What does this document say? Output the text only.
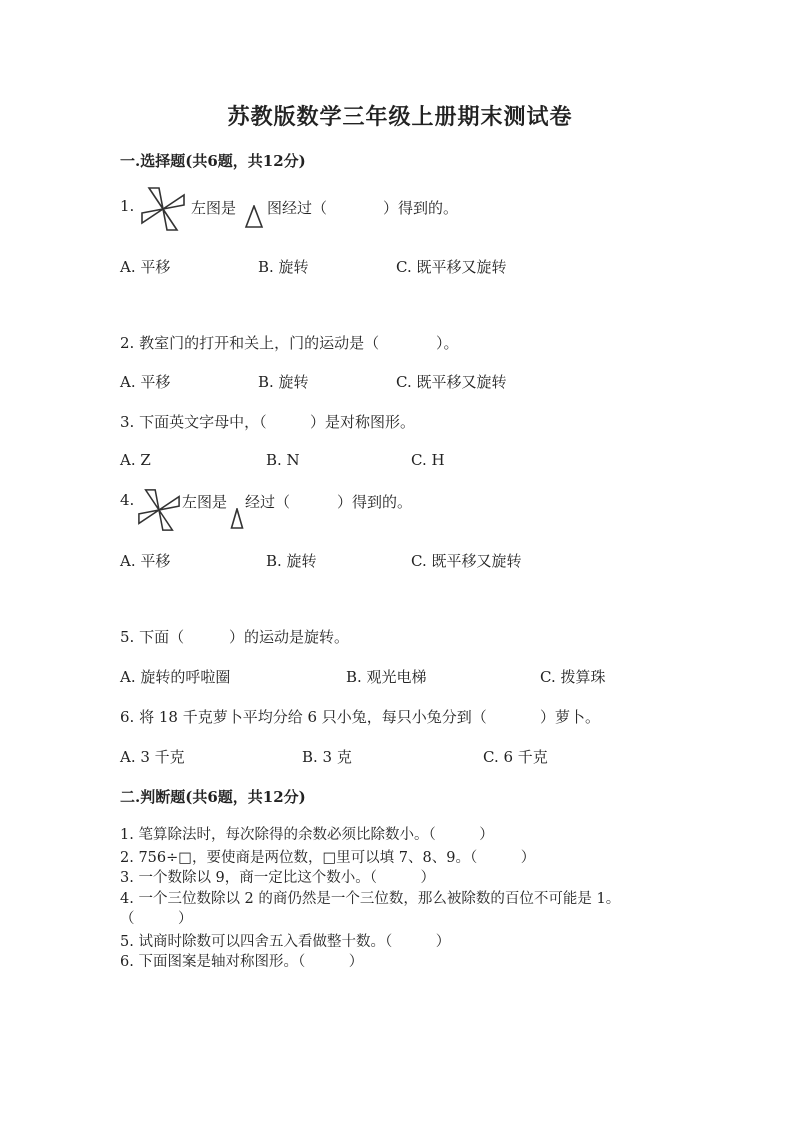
苏教版数学三年级上册期末测试卷
一.选择题(共6题，共12分)
1.	左图是 图经过（	）得到的。
A. 平移	B. 旋转	C. 既平移又旋转
2. 教室门的打开和关上，门的运动是（	）。
A. 平移	B. 旋转	C. 既平移又旋转
3. 下面英文字母中，（	）是对称图形。
A. Z	B. N	C. H
4.	左图是 经过（	）得到的。
A. 平移	B. 旋转	C. 既平移又旋转
5. 下面（	）的运动是旋转。
A. 旋转的呼啦圈	B. 观光电梯	C. 拨算珠
6. 将 18 千克萝卜平均分给 6 只小兔，每只小兔分到（	）萝卜。
A. 3 千克	B. 3 克	C. 6 千克
二.判断题(共6题，共12分)
1. 笔算除法时，每次除得的余数必须比除数小。（　　　）
2. 756÷□，要使商是两位数，□里可以填 7、8、9。（　　　）
3. 一个数除以 9，商一定比这个数小。（　　　）
4. 一个三位数除以 2 的商仍然是一个三位数，那么被除数的百位不可能是 1。
（　　　）
5. 试商时除数可以四舍五入看做整十数。（　　　）
6. 下面图案是轴对称图形。（　　　）
